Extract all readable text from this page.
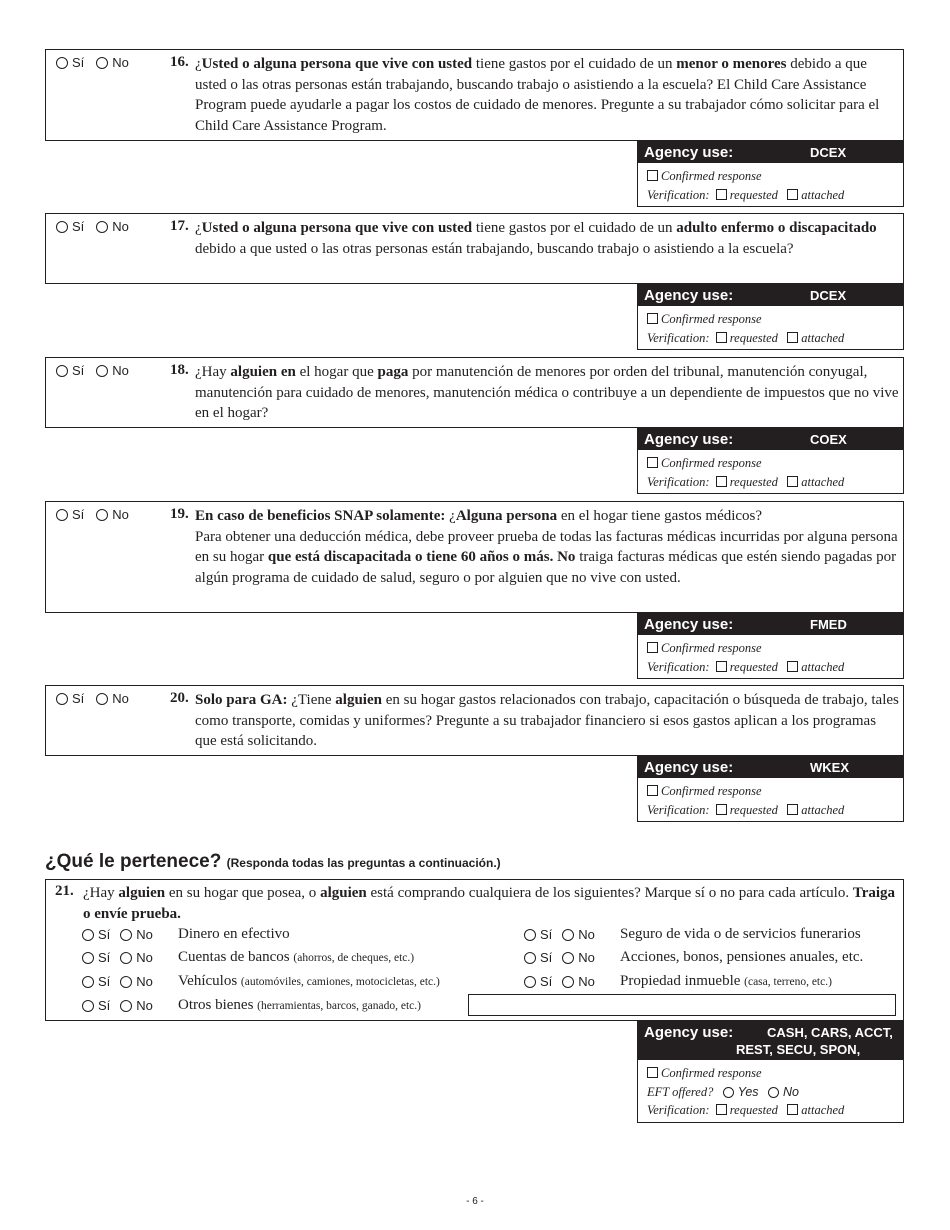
Sí No	16. ¿Usted o alguna persona que vive con usted tiene gastos por el cuidado de un menor o menores debido a que usted o las otras personas están trabajando, buscando trabajo o asistiendo a la escuela? El Child Care Assistance Program puede ayudarle a pagar los costos de cuidado de menores. Pregunte a su trabajador cómo solicitar para el Child Care Assistance Program.
Agency use:	DCEX
Confirmed response
Verification: requested attached
Sí No	17. ¿Usted o alguna persona que vive con usted tiene gastos por el cuidado de un adulto enfermo o discapacitado debido a que usted o las otras personas están trabajando, buscando trabajo o asistiendo a la escuela?
Agency use:	DCEX
Confirmed response
Verification: requested attached
Sí No	18. ¿Hay alguien en el hogar que paga por manutención de menores por orden del tribunal, manutención conyugal, manutención para cuidado de menores, manutención médica o contribuye a un dependiente de impuestos que no vive en el hogar?
Agency use:	COEX
Confirmed response
Verification: requested attached
Sí No	19. En caso de beneficios SNAP solamente: ¿Alguna persona en el hogar tiene gastos médicos?
Para obtener una deducción médica, debe proveer prueba de todas las facturas médicas incurridas por alguna persona en su hogar que está discapacitada o tiene 60 años o más. No traiga facturas médicas que estén siendo pagadas por algún programa de cuidado de salud, seguro o por alguien que no vive con usted.
Agency use:	FMED
Confirmed response
Verification: requested attached
Sí No	20. Solo para GA: ¿Tiene alguien en su hogar gastos relacionados con trabajo, capacitación o búsqueda de trabajo, tales como transporte, comidas y uniformes? Pregunte a su trabajador financiero si esos gastos aplican a los programas que está solicitando.
Agency use:	WKEX
Confirmed response
Verification: requested attached
¿Qué le pertenece? (Responda todas las preguntas a continuación.)
21. ¿Hay alguien en su hogar que posea, o alguien está comprando cualquiera de los siguientes? Marque sí o no para cada artículo. Traiga o envíe prueba.
Sí No Dinero en efectivo
Sí No Cuentas de bancos
(ahorros, de cheques, etc.)
Sí No Vehículos
(automóviles, camiones, motocicletas, etc.)
Sí No Otros bienes
(herramientas, barcos, ganado, etc.)
Sí No Seguro de vida o de servicios funerarios
Sí No Acciones, bonos, pensiones anuales, etc.
Sí No Propiedad inmueble
(casa, terreno, etc.)
Agency use:	CASH, CARS, ACCT,
REST, SECU, SPON, OTHER
Confirmed response
EFT offered? Yes No
Verification: requested attached
- 6 -
